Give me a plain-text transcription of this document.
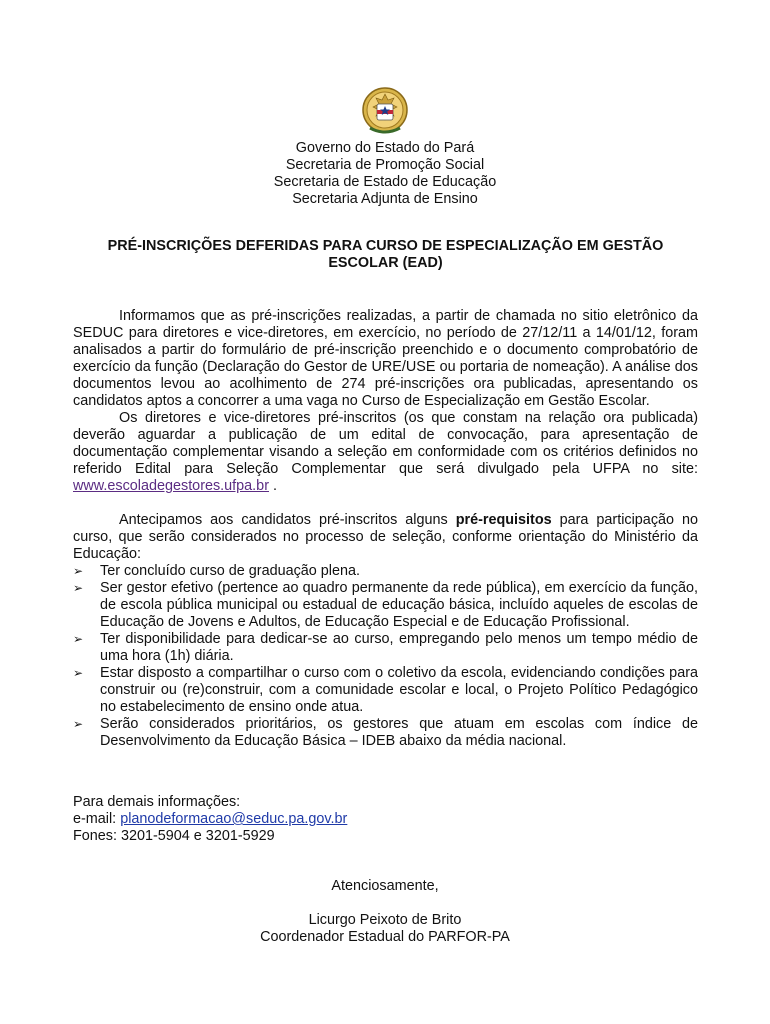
Governo do Estado do Pará
Secretaria de Promoção Social
Secretaria de Estado de Educação
Secretaria Adjunta de Ensino
PRÉ-INSCRIÇÕES DEFERIDAS PARA CURSO DE ESPECIALIZAÇÃO EM GESTÃO
ESCOLAR (EAD)

Informamos que as pré-inscrições realizadas, a partir de chamada no sitio eletrônico da SEDUC para diretores e vice-diretores, em exercício, no período de 27/12/11 a 14/01/12, foram analisados a partir do formulário de pré-inscrição preenchido e o documento comprobatório de exercício da função (Declaração do Gestor de URE/USE ou portaria de nomeação). A análise dos documentos levou ao acolhimento de 274 pré-inscrições ora publicadas, apresentando os candidatos aptos a concorrer a uma vaga no Curso de Especialização em Gestão Escolar.

Os diretores e vice-diretores pré-inscritos (os que constam na relação ora publicada) deverão aguardar a publicação de um edital de convocação, para apresentação de documentação complementar visando a seleção em conformidade com os critérios definidos no referido Edital para Seleção Complementar que será divulgado pela UFPA no site: www.escoladegestores.ufpa.br .

Antecipamos aos candidatos pré-inscritos alguns pré-requisitos para participação no curso, que serão considerados no processo de seleção, conforme orientação do Ministério da Educação:

➢ Ter concluído curso de graduação plena.
➢ Ser gestor efetivo (pertence ao quadro permanente da rede pública), em exercício da função, de escola pública municipal ou estadual de educação básica, incluído aqueles de escolas de Educação de Jovens e Adultos, de Educação Especial e de Educação Profissional.
➢ Ter disponibilidade para dedicar-se ao curso, empregando pelo menos um tempo médio de uma hora (1h) diária.
➢ Estar disposto a compartilhar o curso com o coletivo da escola, evidenciando condições para construir ou (re)construir, com a comunidade escolar e local, o Projeto Político Pedagógico no estabelecimento de ensino onde atua.
➢ Serão considerados prioritários, os gestores que atuam em escolas com índice de Desenvolvimento da Educação Básica – IDEB abaixo da média nacional.
Para demais informações:
e-mail: planodeformacao@seduc.pa.gov.br
Fones: 3201-5904 e 3201-5929
Atenciosamente,
Licurgo Peixoto de Brito
Coordenador Estadual do PARFOR-PA
